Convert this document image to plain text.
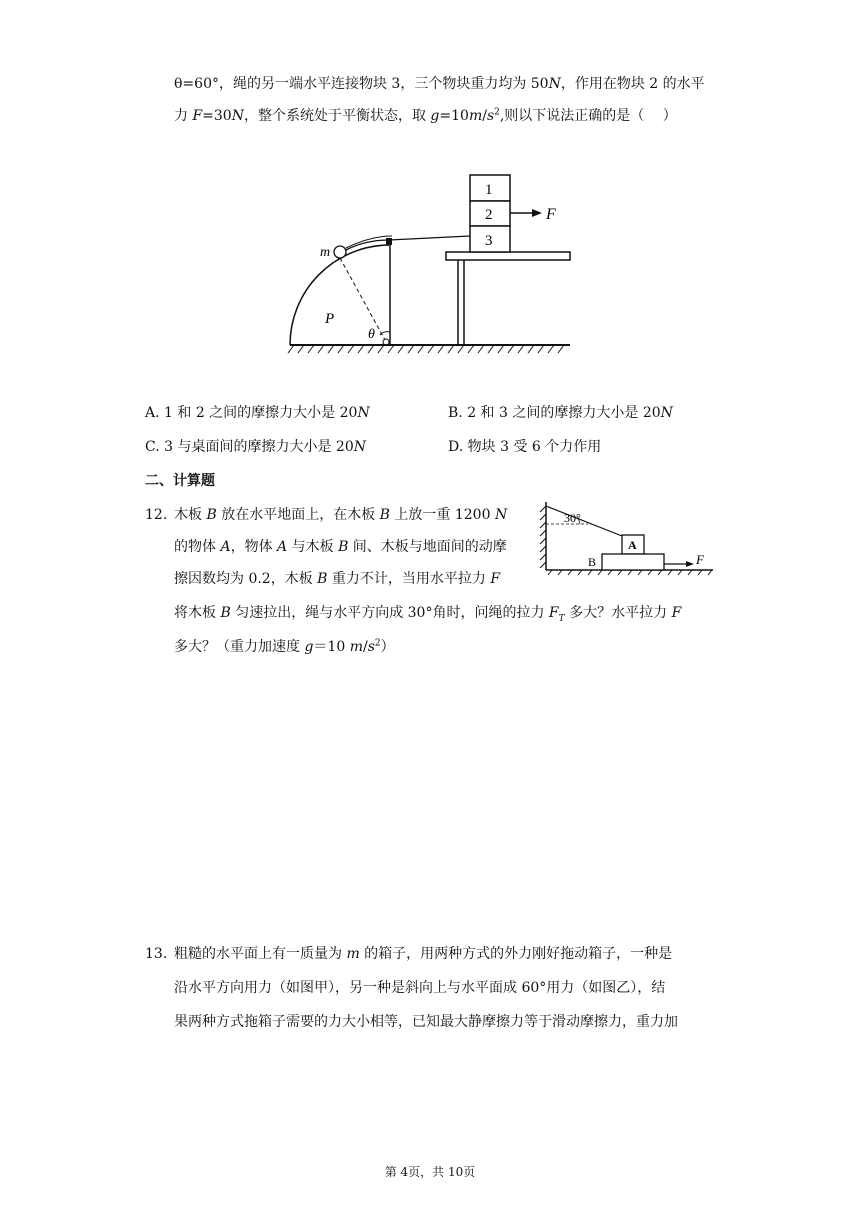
θ=60°，绳的另一端水平连接物块 3，三个物块重力均为 50N，作用在物块 2 的水平
力 F=30N，整个系统处于平衡状态，取 $g=10m/s^2$,则以下说法正确的是（　 ）
m
P
θ
1
2
3
F
A. 1 和 2 之间的摩擦力大小是 20N	B. 2 和 3 之间的摩擦力大小是 20N
C. 3 与桌面间的摩擦力大小是 20N	D. 物块 3 受 6 个力作用
二、计算题
12. 木板 B 放在水平地面上，在木板 B 上放一重 1200 N
的物体 A，物体 A 与木板 B 间、木板与地面间的动摩
擦因数均为 0.2，木板 B 重力不计，当用水平拉力 F
将木板 B 匀速拉出，绳与水平方向成 30°角时，问绳的拉力 $F_T$ 多大？水平拉力 F
多大？（重力加速度 g＝10 $m/s^2$）
30°
A
B	F
13. 粗糙的水平面上有一质量为 m 的箱子，用两种方式的外力刚好拖动箱子，一种是
沿水平方向用力（如图甲），另一种是斜向上与水平面成 60°用力（如图乙），结
果两种方式拖箱子需要的力大小相等，已知最大静摩擦力等于滑动摩擦力，重力加
第 4页，共 10页
